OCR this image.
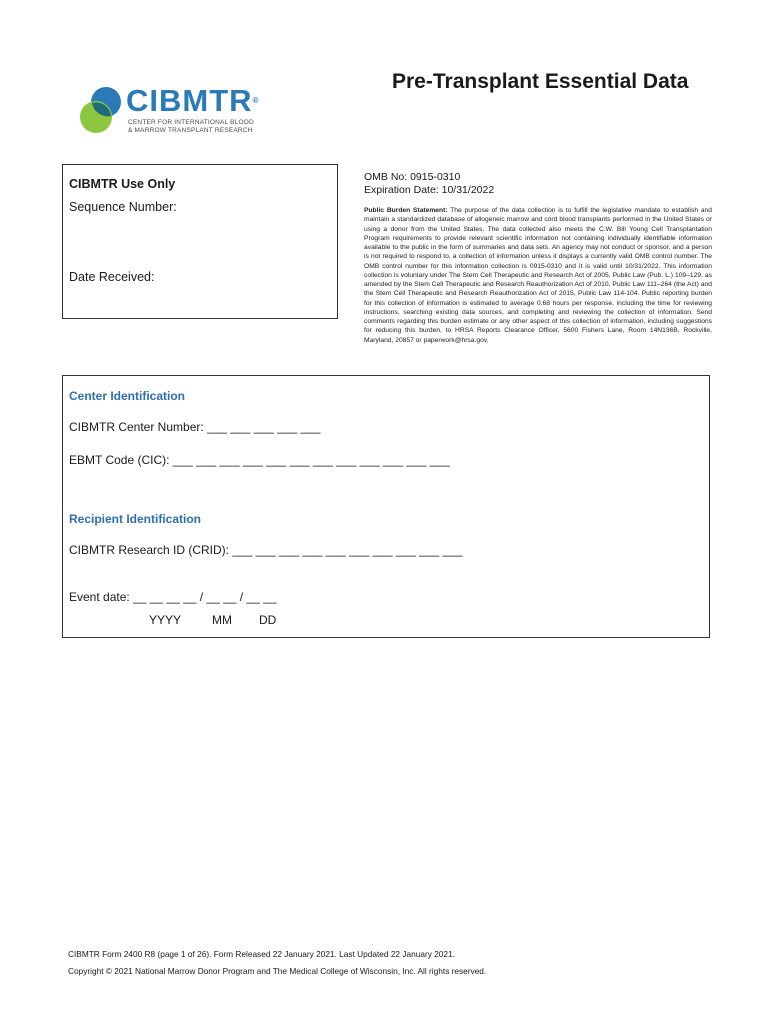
CIBMTR®
CENTER FOR INTERNATIONAL BLOOD
& MARROW TRANSPLANT RESEARCH
Pre-Transplant Essential Data
CIBMTR Use Only
Sequence Number:
Date Received:
OMB No: 0915-0310
Expiration Date: 10/31/2022
Public Burden Statement: The purpose of the data collection is to fulfill the legislative mandate to establish and maintain a standardized database of allogeneic marrow and cord blood transplants performed in the United States or using a donor from the United States. The data collected also meets the C.W. Bill Young Cell Transplantation Program requirements to provide relevant scientific information not containing individually identifiable information available to the public in the form of summaries and data sets. An agency may not conduct or sponsor, and a person is not required to respond to, a collection of information unless it displays a currently valid OMB control number. The OMB control number for this information collection is 0915-0310 and it is valid until 10/31/2022. This information collection is voluntary under The Stem Cell Therapeutic and Research Act of 2005, Public Law (Pub. L.) 109–129, as amended by the Stem Cell Therapeutic and Research Reauthorization Act of 2010, Public Law 111–264 (the Act) and the Stem Cell Therapeutic and Research Reauthorization Act of 2015, Public Law 114-104. Public reporting burden for this collection of information is estimated to average 0.68 hours per response, including the time for reviewing instructions, searching existing data sources, and completing and reviewing the collection of information. Send comments regarding this burden estimate or any other aspect of this collection of information, including suggestions for reducing this burden, to HRSA Reports Clearance Officer, 5600 Fishers Lane, Room 14N136B, Rockville, Maryland, 20857 or paperwork@hrsa.gov.
Center Identification
CIBMTR Center Number: ___ ___ ___ ___ ___
EBMT Code (CIC): ___ ___ ___ ___ ___ ___ ___ ___ ___ ___ ___ ___
Recipient Identification
CIBMTR Research ID (CRID): ___ ___ ___ ___ ___ ___ ___ ___ ___ ___
Event date: __ __ __ __ / __ __ / __ __
YYYY	MM DD
CIBMTR Form 2400 R8 (page 1 of 26). Form Released 22 January 2021. Last Updated 22 January 2021.
Copyright © 2021 National Marrow Donor Program and The Medical College of Wisconsin, Inc. All rights reserved.
